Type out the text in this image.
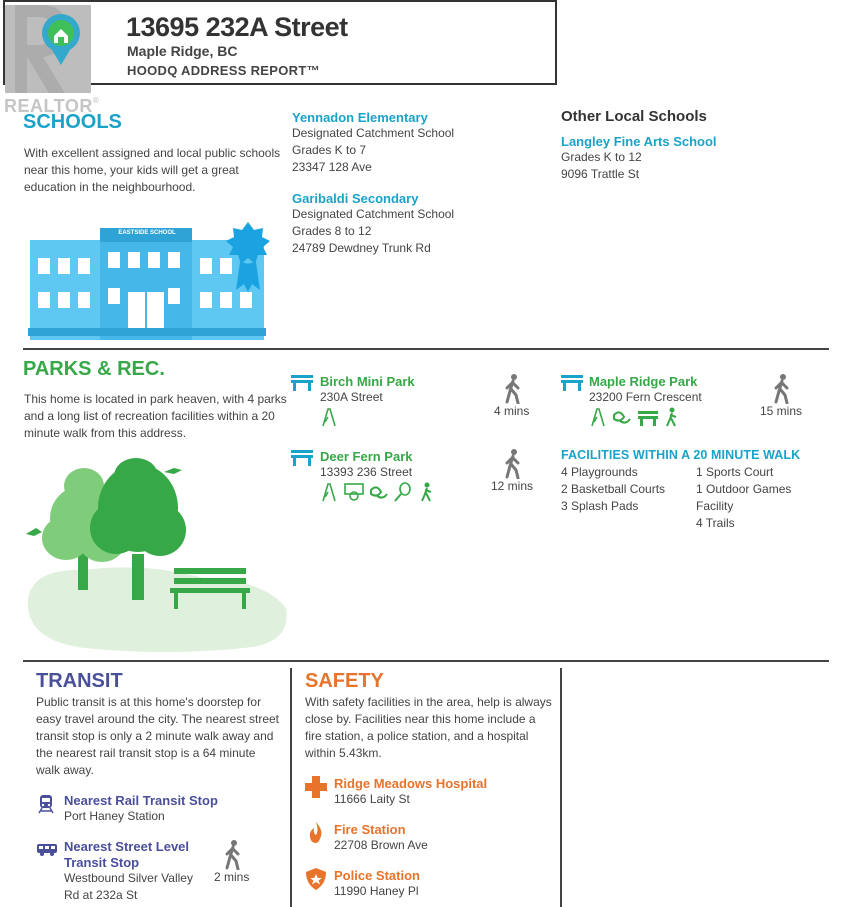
REALTOR®
13695 232A Street
Maple Ridge, BC
HOODQ ADDRESS REPORT™
SCHOOLS
With excellent assigned and local public schools near this home, your kids will get a great education in the neighbourhood.
EASTSIDE SCHOOL
Yennadon Elementary
Designated Catchment School
Grades K to 7
23347 128 Ave
Garibaldi Secondary
Designated Catchment School
Grades 8 to 12
24789 Dewdney Trunk Rd
Other Local Schools
Langley Fine Arts School
Grades K to 12
9096 Trattle St
PARKS & REC.
This home is located in park heaven, with 4 parks and a long list of recreation facilities within a 20 minute walk from this address.
Birch Mini Park
230A Street
4 mins
Maple Ridge Park
23200 Fern Crescent
15 mins
Deer Fern Park
13393 236 Street
12 mins
FACILITIES WITHIN A 20 MINUTE WALK
4 Playgrounds
2 Basketball Courts
3 Splash Pads
1 Sports Court
1 Outdoor Games
Facility
4 Trails
TRANSIT
Public transit is at this home's doorstep for easy travel around the city. The nearest street transit stop is only a 2 minute walk away and the nearest rail transit stop is a 64 minute walk away.
Nearest Rail Transit Stop
Port Haney Station
Nearest Street Level
Transit Stop
Westbound Silver Valley
Rd at 232a St
2 mins
SAFETY
With safety facilities in the area, help is always close by. Facilities near this home include a fire station, a police station, and a hospital within 5.43km.
Ridge Meadows Hospital
11666 Laity St
Fire Station
22708 Brown Ave
Police Station
11990 Haney Pl
